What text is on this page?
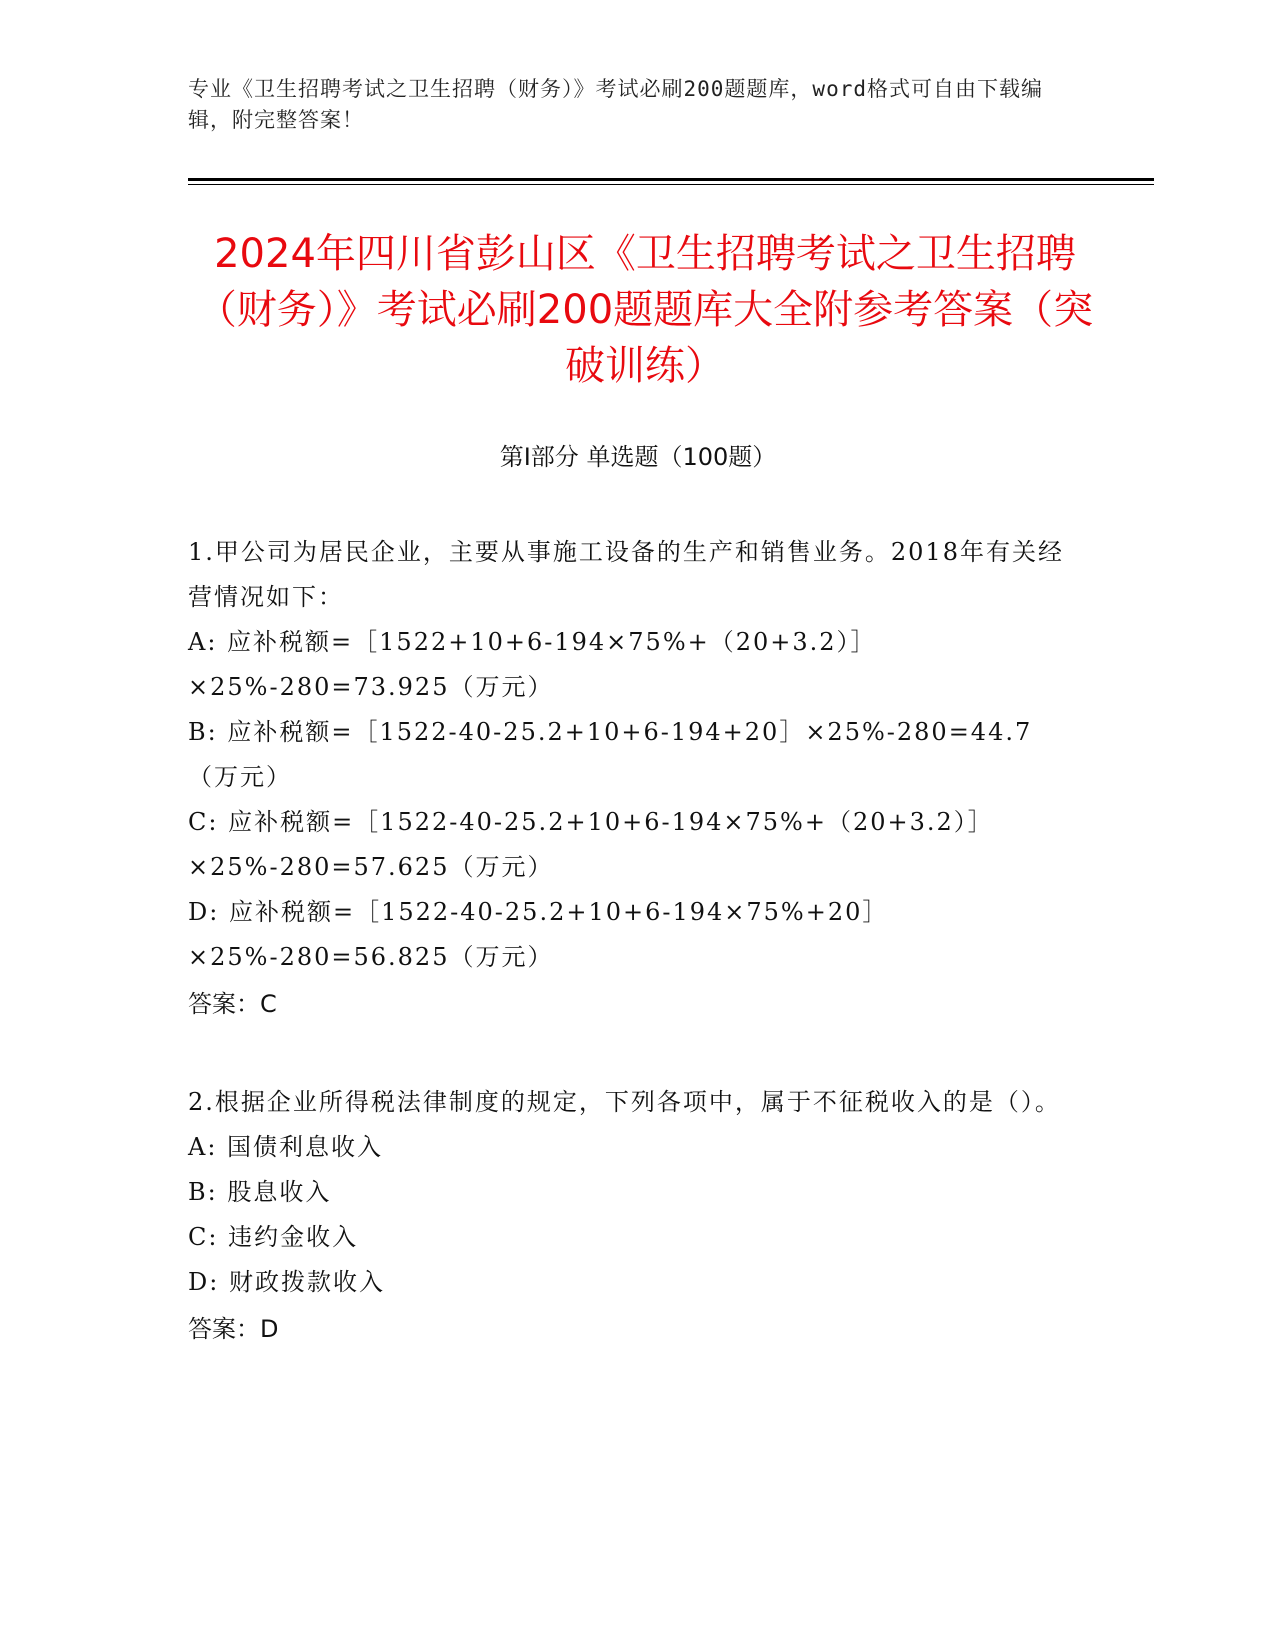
专业《卫生招聘考试之卫生招聘（财务）》考试必刷200题题库，word格式可自由下载编辑，附完整答案！
2024年四川省彭山区《卫生招聘考试之卫生招聘（财务）》考试必刷200题题库大全附参考答案（突破训练）
第Ⅰ部分 单选题（100题）

1.甲公司为居民企业，主要从事施工设备的生产和销售业务。2018年有关经营情况如下：

A: 应补税额=［1522+10+6-194×75%+（20+3.2）］×25%-280=73.925（万元）

B: 应补税额=［1522-40-25.2+10+6-194+20］×25%-280=44.7（万元）

C: 应补税额=［1522-40-25.2+10+6-194×75%+（20+3.2）］×25%-280=57.625（万元）

D: 应补税额=［1522-40-25.2+10+6-194×75%+20］×25%-280=56.825（万元）

答案：C

2.根据企业所得税法律制度的规定，下列各项中，属于不征税收入的是（）。

A: 国债利息收入

B: 股息收入

C: 违约金收入

D: 财政拨款收入

答案：D
